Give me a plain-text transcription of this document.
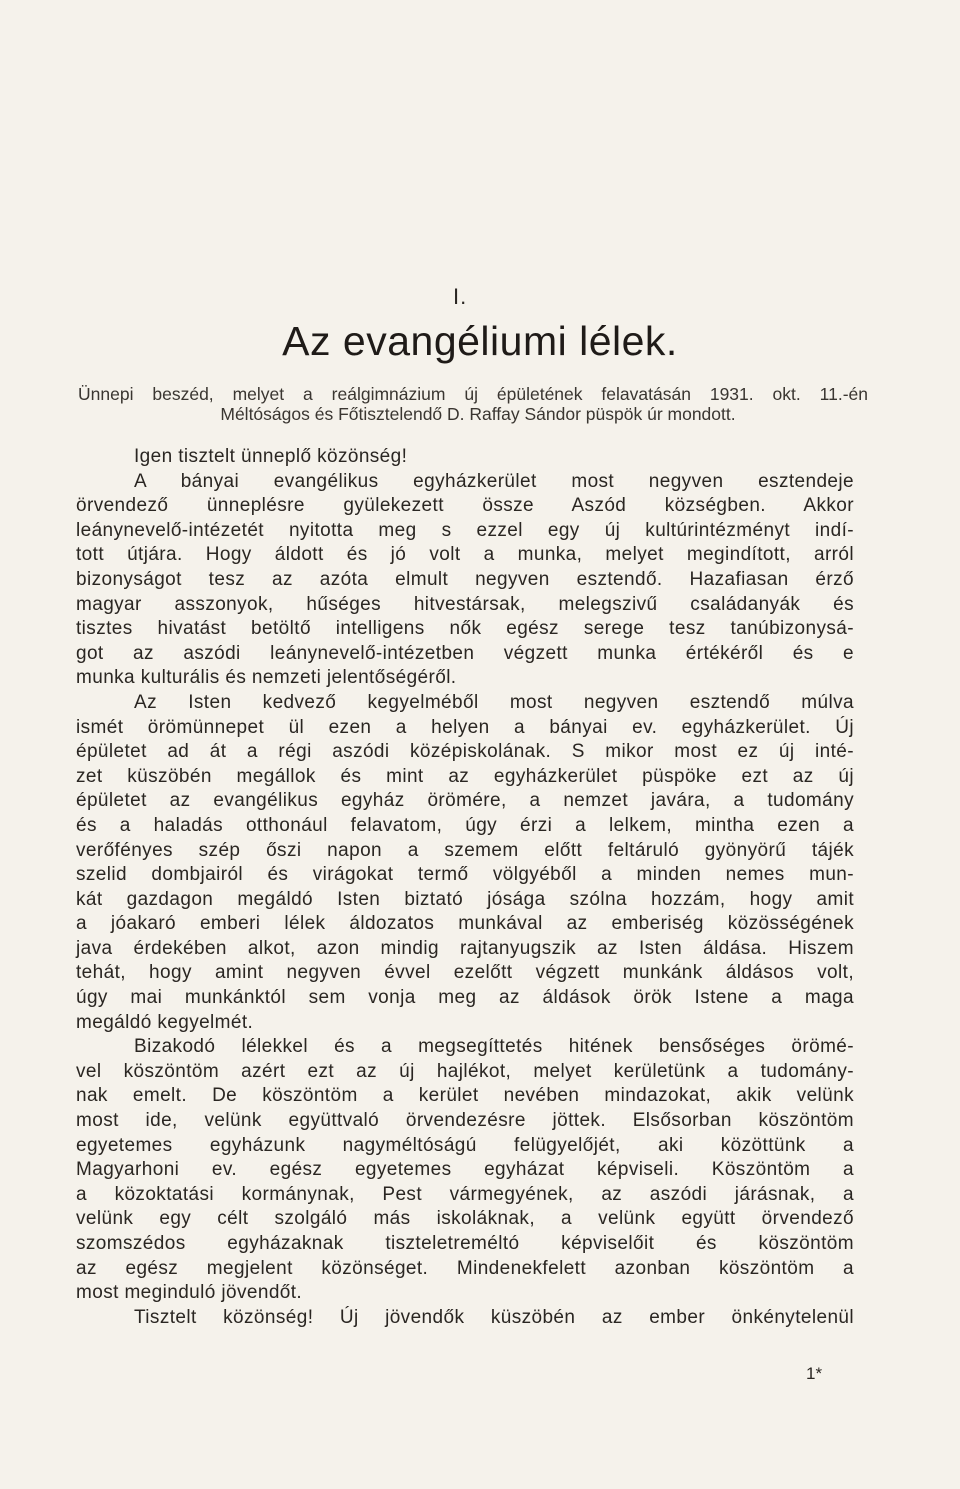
I.
Az evangéliumi lélek.
Ünnepi beszéd, melyet a reálgimnázium új épületének felavatásán 1931. okt. 11.-én
Méltóságos és Főtisztelendő D. Raffay Sándor püspök úr mondott.
Igen tisztelt ünneplő közönség!
A bányai evangélikus egyházkerület most negyven esztendeje
örvendező ünneplésre gyülekezett össze Aszód községben. Akkor
leánynevelő-intézetét nyitotta meg s ezzel egy új kultúrintézményt indí-
tott útjára. Hogy áldott és jó volt a munka, melyet megindított, arról
bizonyságot tesz az azóta elmult negyven esztendő. Hazafiasan érző
magyar asszonyok, hűséges hitvestársak, melegszivű családanyák és
tisztes hivatást betöltő intelligens nők egész serege tesz tanúbizonysá-
got az aszódi leánynevelő-intézetben végzett munka értékéről és e
munka kulturális és nemzeti jelentőségéről.
Az Isten kedvező kegyelméből most negyven esztendő múlva
ismét örömünnepet ül ezen a helyen a bányai ev. egyházkerület. Új
épületet ad át a régi aszódi középiskolának. S mikor most ez új inté-
zet küszöbén megállok és mint az egyházkerület püspöke ezt az új
épületet az evangélikus egyház örömére, a nemzet javára, a tudomány
és a haladás otthonául felavatom, úgy érzi a lelkem, mintha ezen a
verőfényes szép őszi napon a szemem előtt feltáruló gyönyörű tájék
szelid dombjairól és virágokat termő völgyéből a minden nemes mun-
kát gazdagon megáldó Isten biztató jósága szólna hozzám, hogy amit
a jóakaró emberi lélek áldozatos munkával az emberiség közösségének
java érdekében alkot, azon mindig rajtanyugszik az Isten áldása. Hiszem
tehát, hogy amint negyven évvel ezelőtt végzett munkánk áldásos volt,
úgy mai munkánktól sem vonja meg az áldások örök Istene a maga
megáldó kegyelmét.
Bizakodó lélekkel és a megsegíttetés hitének bensőséges örömé-
vel köszöntöm azért ezt az új hajlékot, melyet kerületünk a tudomány-
nak emelt. De köszöntöm a kerület nevében mindazokat, akik velünk
most ide, velünk együttvaló örvendezésre jöttek. Elsősorban köszöntöm
egyetemes egyházunk nagyméltóságú felügyelőjét, aki közöttünk a
Magyarhoni ev. egész egyetemes egyházat képviseli. Köszöntöm a
a közoktatási kormánynak, Pest vármegyének, az aszódi járásnak, a
velünk egy célt szolgáló más iskoláknak, a velünk együtt örvendező
szomszédos egyházaknak tiszteletreméltó képviselőit és köszöntöm
az egész megjelent közönséget. Mindenekfelett azonban köszöntöm a
most meginduló jövendőt.
Tisztelt közönség! Új jövendők küszöbén az ember önkénytelenül
1*
